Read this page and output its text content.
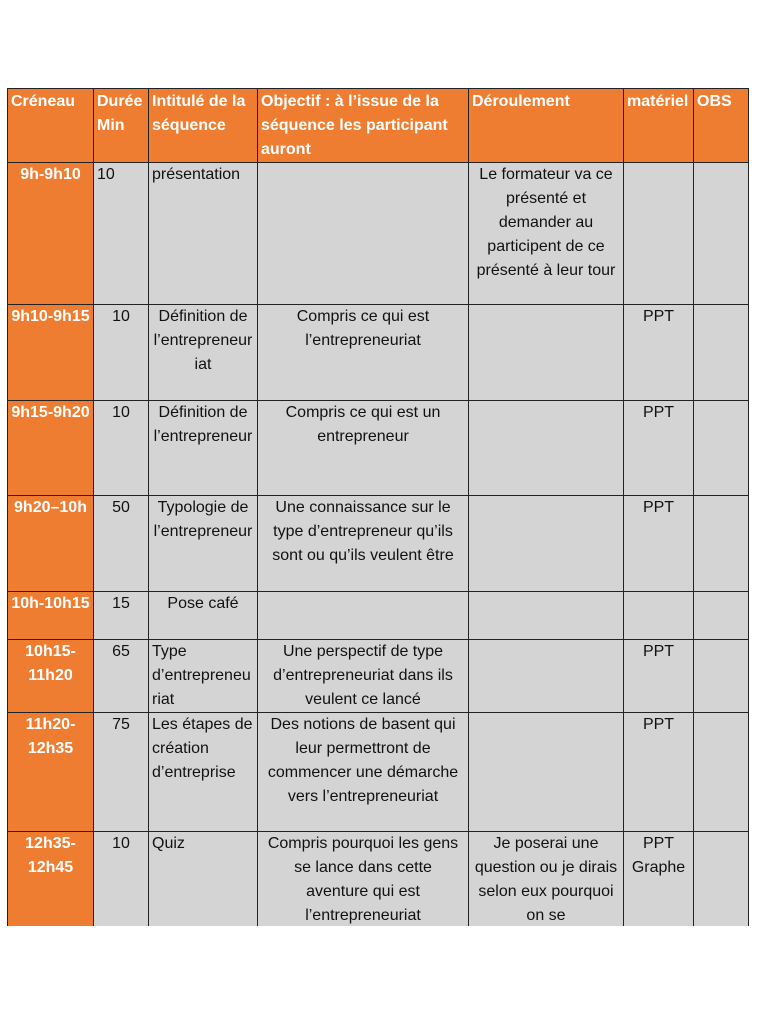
Créneau	Durée Min	Intitulé de la séquence	Objectif : à l’issue de la séquence les participant auront	Déroulement	matériel	OBS
9h-9h10	10	présentation		Le formateur va ce présenté et demander au participent de ce présenté à leur tour		
9h10-9h15	10	Définition de l’entrepreneuriat	Compris ce qui est l’entrepreneuriat		PPT	
9h15-9h20	10	Définition de l’entrepreneur	Compris ce qui est un entrepreneur		PPT	
9h20–10h	50	Typologie de l’entrepreneur	Une connaissance sur le type d’entrepreneur qu’ils sont ou qu’ils veulent être		PPT	
10h-10h15	15	Pose café				
10h15-11h20	65	Type d’entrepreneuriat	Une perspectif de type d’entrepreneuriat dans ils veulent ce lancé		PPT	
11h20-12h35	75	Les étapes de création d’entreprise	Des notions de basent qui leur permettront de commencer une démarche vers l’entrepreneuriat		PPT	
12h35-12h45	10	Quiz	Compris pourquoi les gens se lance dans cette aventure qui est l’entrepreneuriat	Je poserai une question ou je dirais selon eux pourquoi on se	PPT Graphe	
